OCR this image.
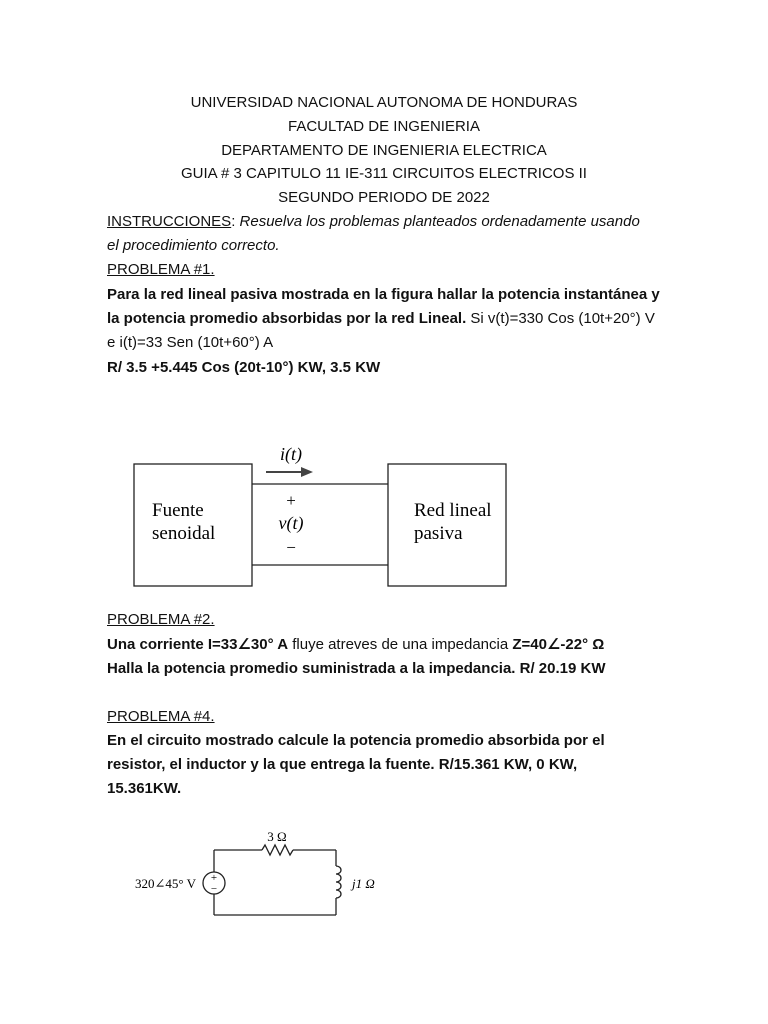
UNIVERSIDAD NACIONAL AUTONOMA DE HONDURAS
FACULTAD DE INGENIERIA
DEPARTAMENTO DE INGENIERIA ELECTRICA
GUIA # 3 CAPITULO 11 IE-311 CIRCUITOS ELECTRICOS II
SEGUNDO PERIODO DE 2022
INSTRUCCIONES: Resuelva los problemas planteados ordenadamente usando
el procedimiento correcto.
PROBLEMA #1.
Para la red lineal pasiva mostrada en la figura hallar la potencia instantánea y
la potencia promedio absorbidas por la red Lineal. Si v(t)=330 Cos (10t+20°) V
e i(t)=33 Sen (10t+60°) A
R/ 3.5 +5.445 Cos (20t-10°) KW, 3.5 KW
i(t)
+
v(t)
−
Fuente
senoidal
Red lineal
pasiva
+
−
3 Ω
j1 Ω
320∠45° V
PROBLEMA #2.
Una corriente I=33∠30° A fluye atreves de una impedancia Z=40∠-22° Ω
Halla la potencia promedio suministrada a la impedancia. R/ 20.19 KW
PROBLEMA #4.
En el circuito mostrado calcule la potencia promedio absorbida por el
resistor, el inductor y la que entrega la fuente. R/15.361 KW, 0 KW,
15.361KW.
